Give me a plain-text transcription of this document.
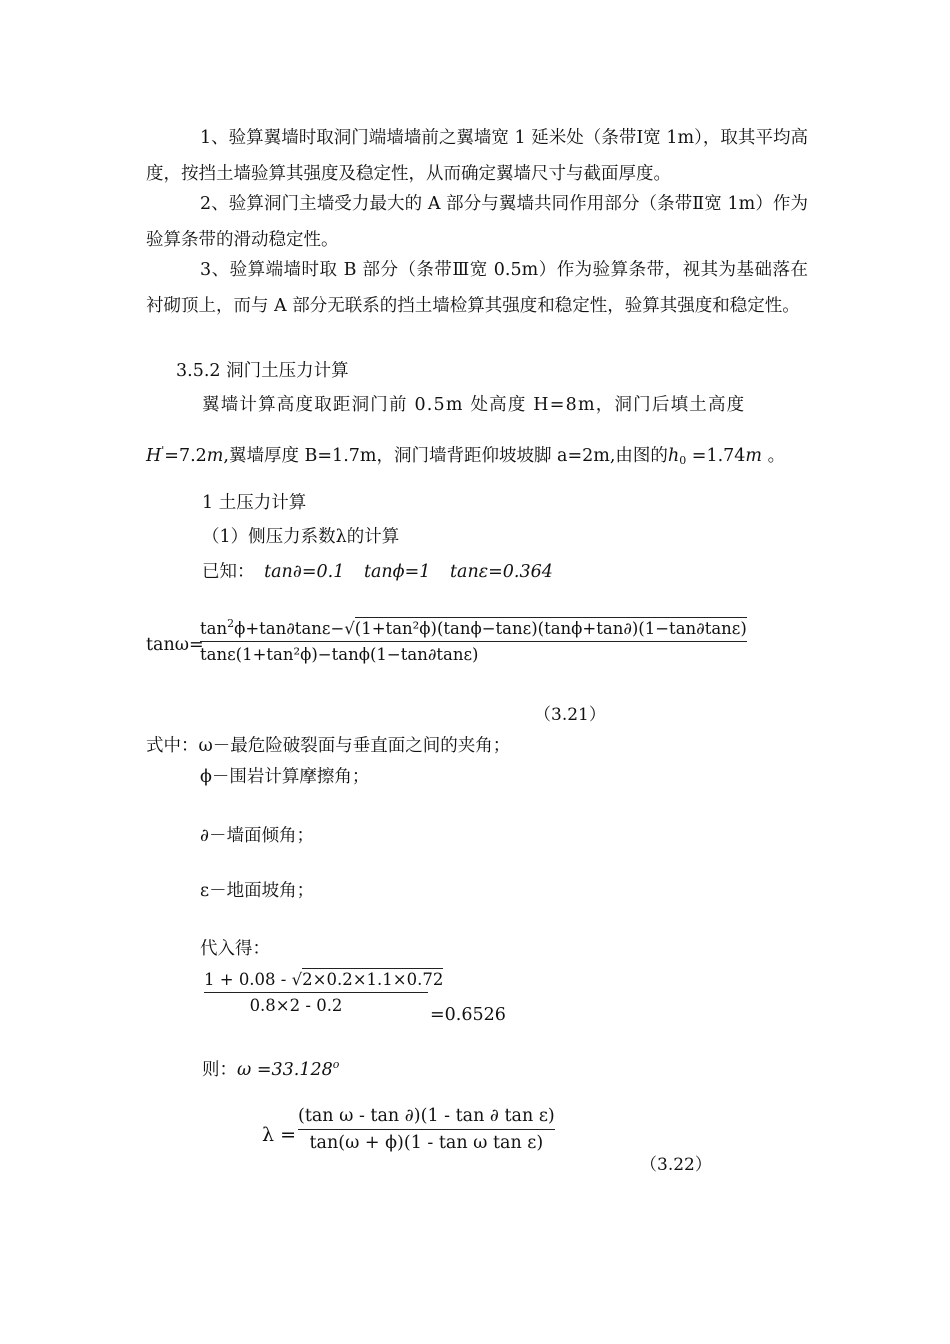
1、验算翼墙时取洞门端墙墙前之翼墙宽 1 延米处（条带Ⅰ宽 1m），取其平均高度，按挡土墙验算其强度及稳定性，从而确定翼墙尺寸与截面厚度。
2、验算洞门主墙受力最大的 A 部分与翼墙共同作用部分（条带Ⅱ宽 1m）作为验算条带的滑动稳定性。
3、验算端墙时取 B 部分（条带Ⅲ宽 0.5m）作为验算条带，视其为基础落在衬砌顶上，而与 A 部分无联系的挡土墙检算其强度和稳定性，验算其强度和稳定性。
3.5.2 洞门土压力计算
翼墙计算高度取距洞门前 0.5m 处高度 H=8m，洞门后填土高度
H'=7.2m,翼墙厚度 B=1.7m，洞门墙背距仰坡坡脚 a=2m,由图的$h_0 =1.74m$ 。
1 土压力计算
（1）侧压力系数λ的计算
已知： tan∂=0.1 tanϕ=1 tanε=0.364
tanω=
$\tan^2\phi+\tan\partial\tan\varepsilon-√(1+\tan^2\phi)(\tan\phi-\tan\varepsilon)(\tan\phi+\tan\partial)(1-\tan\partial\tan\varepsilon)$
tanε(1+tan²ϕ)−tanϕ(1−tan∂tanε)
（3.21）
式中：ω－最危险破裂面与垂直面之间的夹角；
ϕ－围岩计算摩擦角；
∂－墙面倾角；
ε－地面坡角；
代入得：
1 + 0.08 - √2×0.2×1.1×0.72
0.8×2 - 0.2	=0.6526
则：$\omega =33.128^o$
λ =
(tan ω - tan ∂)(1 - tan ∂ tan ε)
tan(ω + ϕ)(1 - tan ω tan ε)
（3.22）
